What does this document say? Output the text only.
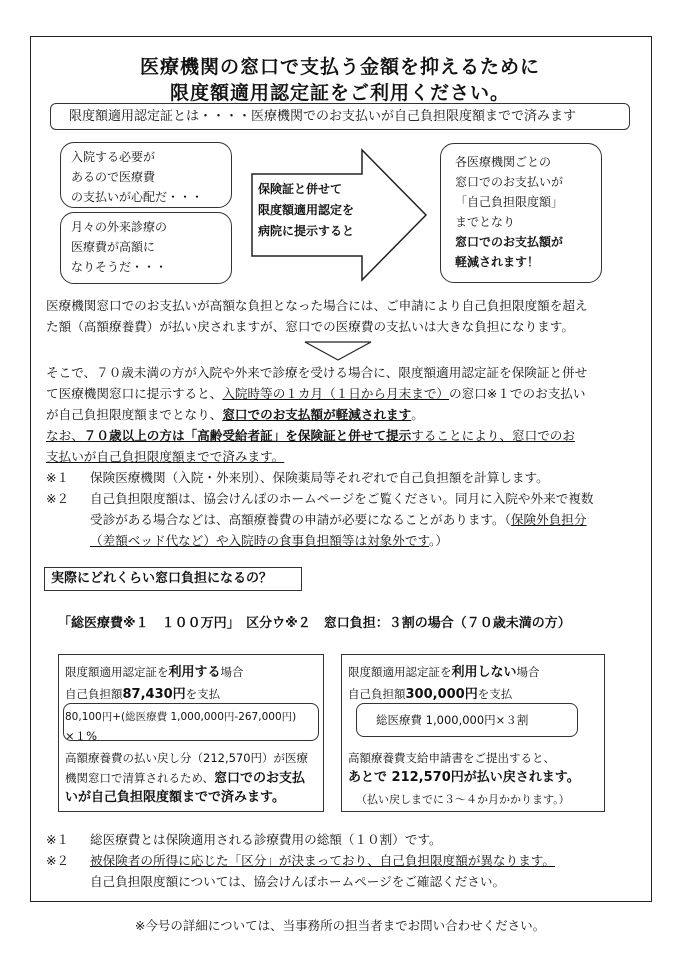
医療機関の窓口で支払う金額を抑えるために
限度額適用認定証をご利用ください。
限度額適用認定証とは・・・・医療機関でのお支払いが自己負担限度額までで済みます
入院する必要が
あるので医療費
の支払いが心配だ・・・
月々の外来診療の
医療費が高額に
なりそうだ・・・
保険証と併せて
限度額適用認定を
病院に提示すると
各医療機関ごとの
窓口でのお支払いが
「自己負担限度額」
までとなり
窓口でのお支払額が
軽減されます！
医療機関窓口でのお支払いが高額な負担となった場合には、ご申請により自己負担限度額を超え
た額（高額療養費）が払い戻されますが、窓口での医療費の支払いは大きな負担になります。
そこで、７０歳未満の方が入院や外来で診療を受ける場合に、限度額適用認定証を保険証と併せ
て医療機関窓口に提示すると、入院時等の１カ月（１日から月末まで）の窓口※１でのお支払い
が自己負担限度額までとなり、窓口でのお支払額が軽減されます。
なお、７０歳以上の方は「高齢受給者証」を保険証と併せて提示することにより、窓口でのお
支払いが自己負担限度額までで済みます。
※１ 保険医療機関（入院・外来別）、保険薬局等それぞれで自己負担額を計算します。
※２ 自己負担限度額は、協会けんぽのホームページをご覧ください。同月に入院や外来で複数
受診がある場合などは、高額療養費の申請が必要になることがあります。（保険外負担分
（差額ベッド代など）や入院時の食事負担額等は対象外です。）
実際にどれくらい窓口負担になるの？
「総医療費※１　１００万円」　区分ウ※２　窓口負担：３割の場合（７０歳未満の方）
限度額適用認定証を利用する場合
自己負担額87,430円を支払
80,100円+(総医療費 1,000,000円-267,000円)
×１%
高額療養費の払い戻し分（212,570円）が医療
機関窓口で清算されるため、窓口でのお支払
いが自己負担限度額までで済みます。
限度額適用認定証を利用しない場合
自己負担額300,000円を支払
総医療費 1,000,000円×３割
高額療養費支給申請書をご提出すると、
あとで 212,570円が払い戻されます。
（払い戻しまでに３～４か月かかります。）
※１ 総医療費とは保険適用される診療費用の総額（１０割）です。
※２ 被保険者の所得に応じた「区分」が決まっており、自己負担限度額が異なります。
自己負担限度額については、協会けんぽホームページをご確認ください。
※今号の詳細については、当事務所の担当者までお問い合わせください。
